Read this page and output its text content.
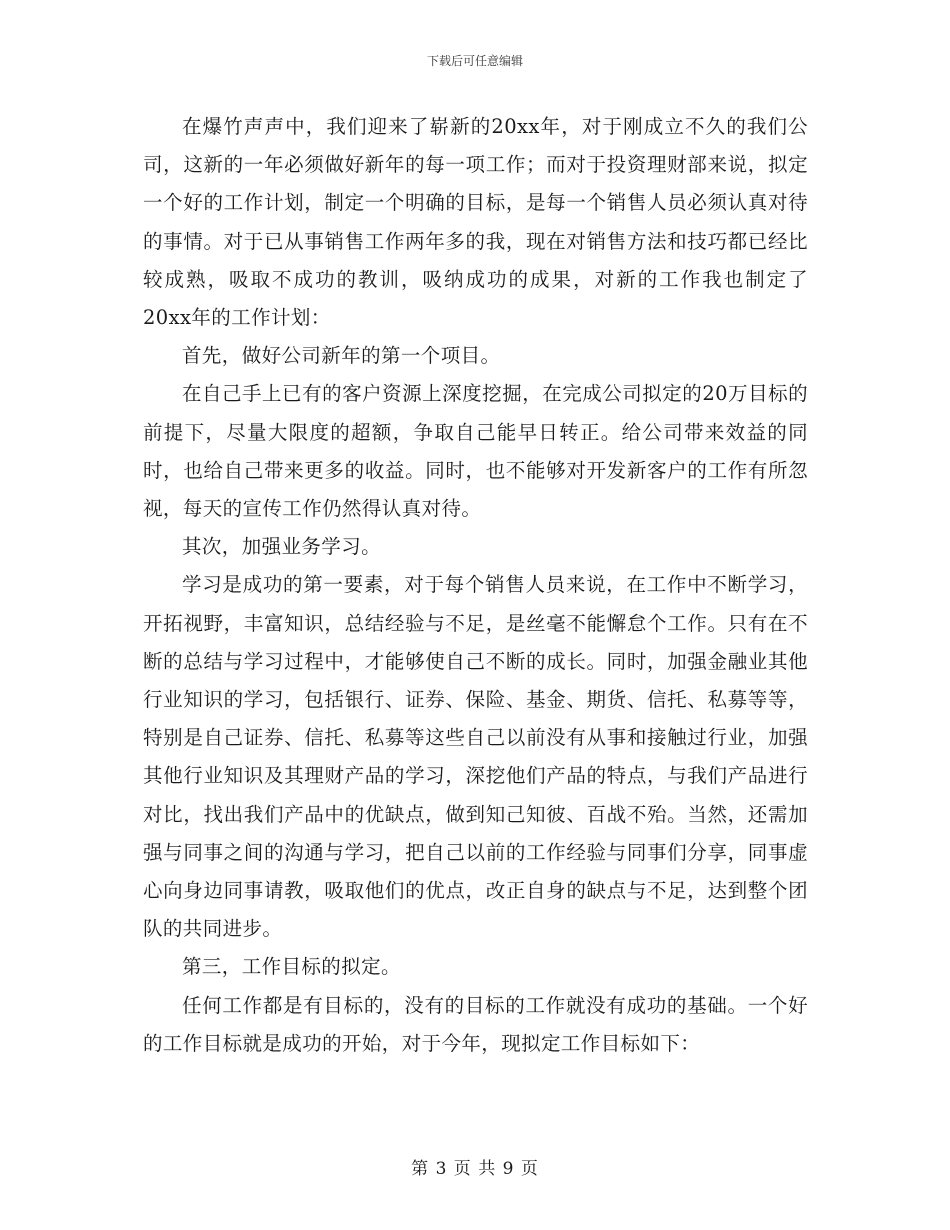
下载后可任意编辑

在爆竹声声中，我们迎来了崭新的20xx年，对于刚成立不久的我们公司，这新的一年必须做好新年的每一项工作；而对于投资理财部来说，拟定一个好的工作计划，制定一个明确的目标，是每一个销售人员必须认真对待的事情。对于已从事销售工作两年多的我，现在对销售方法和技巧都已经比较成熟，吸取不成功的教训，吸纳成功的成果，对新的工作我也制定了20xx年的工作计划：

首先，做好公司新年的第一个项目。

在自己手上已有的客户资源上深度挖掘，在完成公司拟定的20万目标的前提下，尽量大限度的超额，争取自己能早日转正。给公司带来效益的同时，也给自己带来更多的收益。同时，也不能够对开发新客户的工作有所忽视，每天的宣传工作仍然得认真对待。

其次，加强业务学习。

学习是成功的第一要素，对于每个销售人员来说，在工作中不断学习，开拓视野，丰富知识，总结经验与不足，是丝毫不能懈怠个工作。只有在不断的总结与学习过程中，才能够使自己不断的成长。同时，加强金融业其他行业知识的学习，包括银行、证券、保险、基金、期货、信托、私募等等，特别是自己证券、信托、私募等这些自己以前没有从事和接触过行业，加强其他行业知识及其理财产品的学习，深挖他们产品的特点，与我们产品进行对比，找出我们产品中的优缺点，做到知己知彼、百战不殆。当然，还需加强与同事之间的沟通与学习，把自己以前的工作经验与同事们分享，同事虚心向身边同事请教，吸取他们的优点，改正自身的缺点与不足，达到整个团队的共同进步。

第三，工作目标的拟定。

任何工作都是有目标的，没有的目标的工作就没有成功的基础。一个好的工作目标就是成功的开始，对于今年，现拟定工作目标如下：

第 3 页 共 9 页
